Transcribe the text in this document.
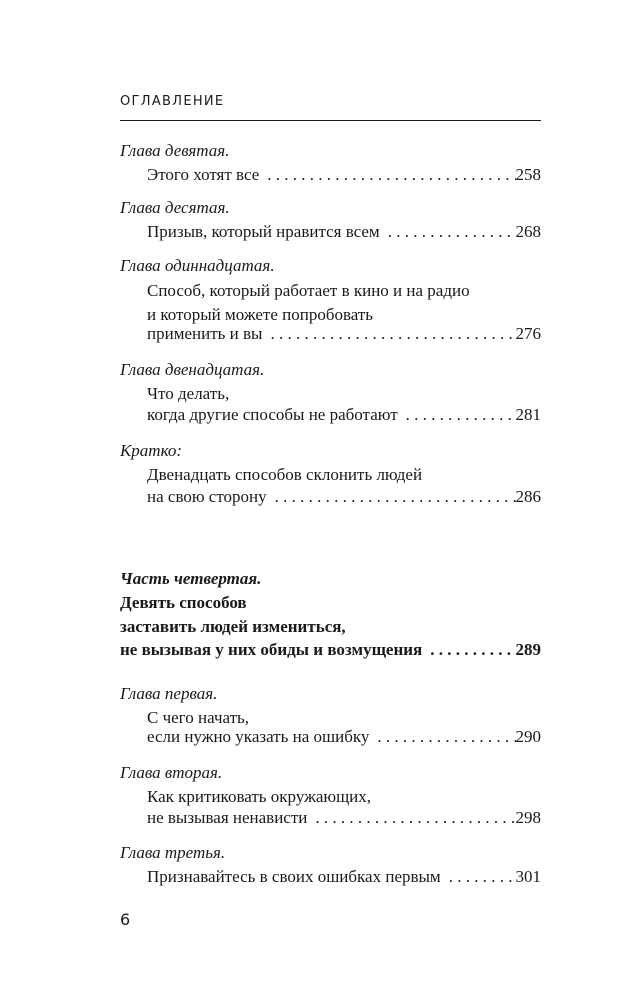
ОГЛАВЛЕНИЕ
Глава девятая.
Этого хотят все . . .	258
Глава десятая.
Призыв, который нравится всем . . .	268
Глава одиннадцатая.
Способ, который работает в кино и на радио
и который можете попробовать
применить и вы . . .	276
Глава двенадцатая.
Что делать,
когда другие способы не работают . . .	281
Кратко:
Двенадцать способов склонить людей
на свою сторону . . .	286
Часть четвертая.
Девять способов
заставить людей измениться,
не вызывая у них обиды и возмущения . . .	289
Глава первая.
С чего начать,
если нужно указать на ошибку . . .	290
Глава вторая.
Как критиковать окружающих,
не вызывая ненависти . . .	298
Глава третья.
Признавайтесь в своих ошибках первым . . .	301
6
